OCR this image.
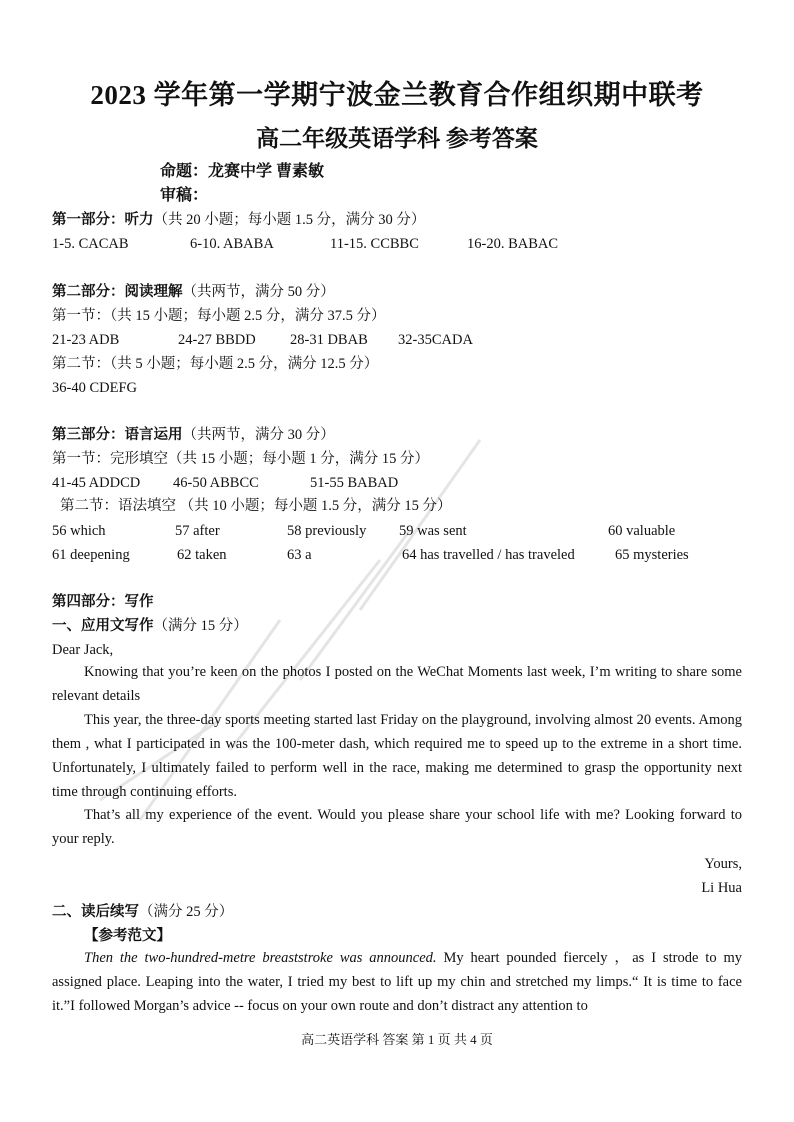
2023 学年第一学期宁波金兰教育合作组织期中联考
高二年级英语学科 参考答案
命题：龙赛中学 曹素敏
审稿：
第一部分：听力（共 20 小题；每小题 1.5 分，满分 30 分）
1-5. CACAB	6-10. ABABA	11-15. CCBBC	16-20. BABAC
第二部分：阅读理解（共两节，满分 50 分）
第一节：（共 15 小题；每小题 2.5 分，满分 37.5 分）
21-23 ADB	24-27 BBDD 28-31 DBAB 32-35CADA
第二节：（共 5 小题；每小题 2.5 分，满分 12.5 分）
36-40 CDEFG
第三部分：语言运用（共两节，满分 30 分）
第一节：完形填空（共 15 小题；每小题 1 分，满分 15 分）
41-45 ADDCD 46-50 ABBCC	51-55 BABAD
第二节：语法填空 （共 10 小题；每小题 1.5 分，满分 15 分）
56 which	57 after	58 previously 59 was sent	60 valuable
61 deepening	62 taken	63 a	64 has travelled / has traveled	65 mysteries
第四部分：写作
一、应用文写作（满分 15 分）
Dear Jack,

Knowing that you’re keen on the photos I posted on the WeChat Moments last week, I’m writing to share some relevant details

This year, the three-day sports meeting started last Friday on the playground, involving almost 20 events. Among them , what I participated in was the 100-meter dash, which required me to speed up to the extreme in a short time. Unfortunately, I ultimately failed to perform well in the race, making me determined to grasp the opportunity next time through continuing efforts.

That’s all my experience of the event. Would you please share your school life with me? Looking forward to your reply.

Yours,
Li Hua
二、读后续写（满分 25 分）
【参考范文】

Then the two-hundred-metre breaststroke was announced. My heart pounded fiercely ，as I strode to my assigned place. Leaping into the water, I tried my best to lift up my chin and stretched my limps.“ It is time to face it.”I followed Morgan’s advice -- focus on your own route and don’t distract any attention to

高二英语学科 答案 第 1 页 共 4 页
